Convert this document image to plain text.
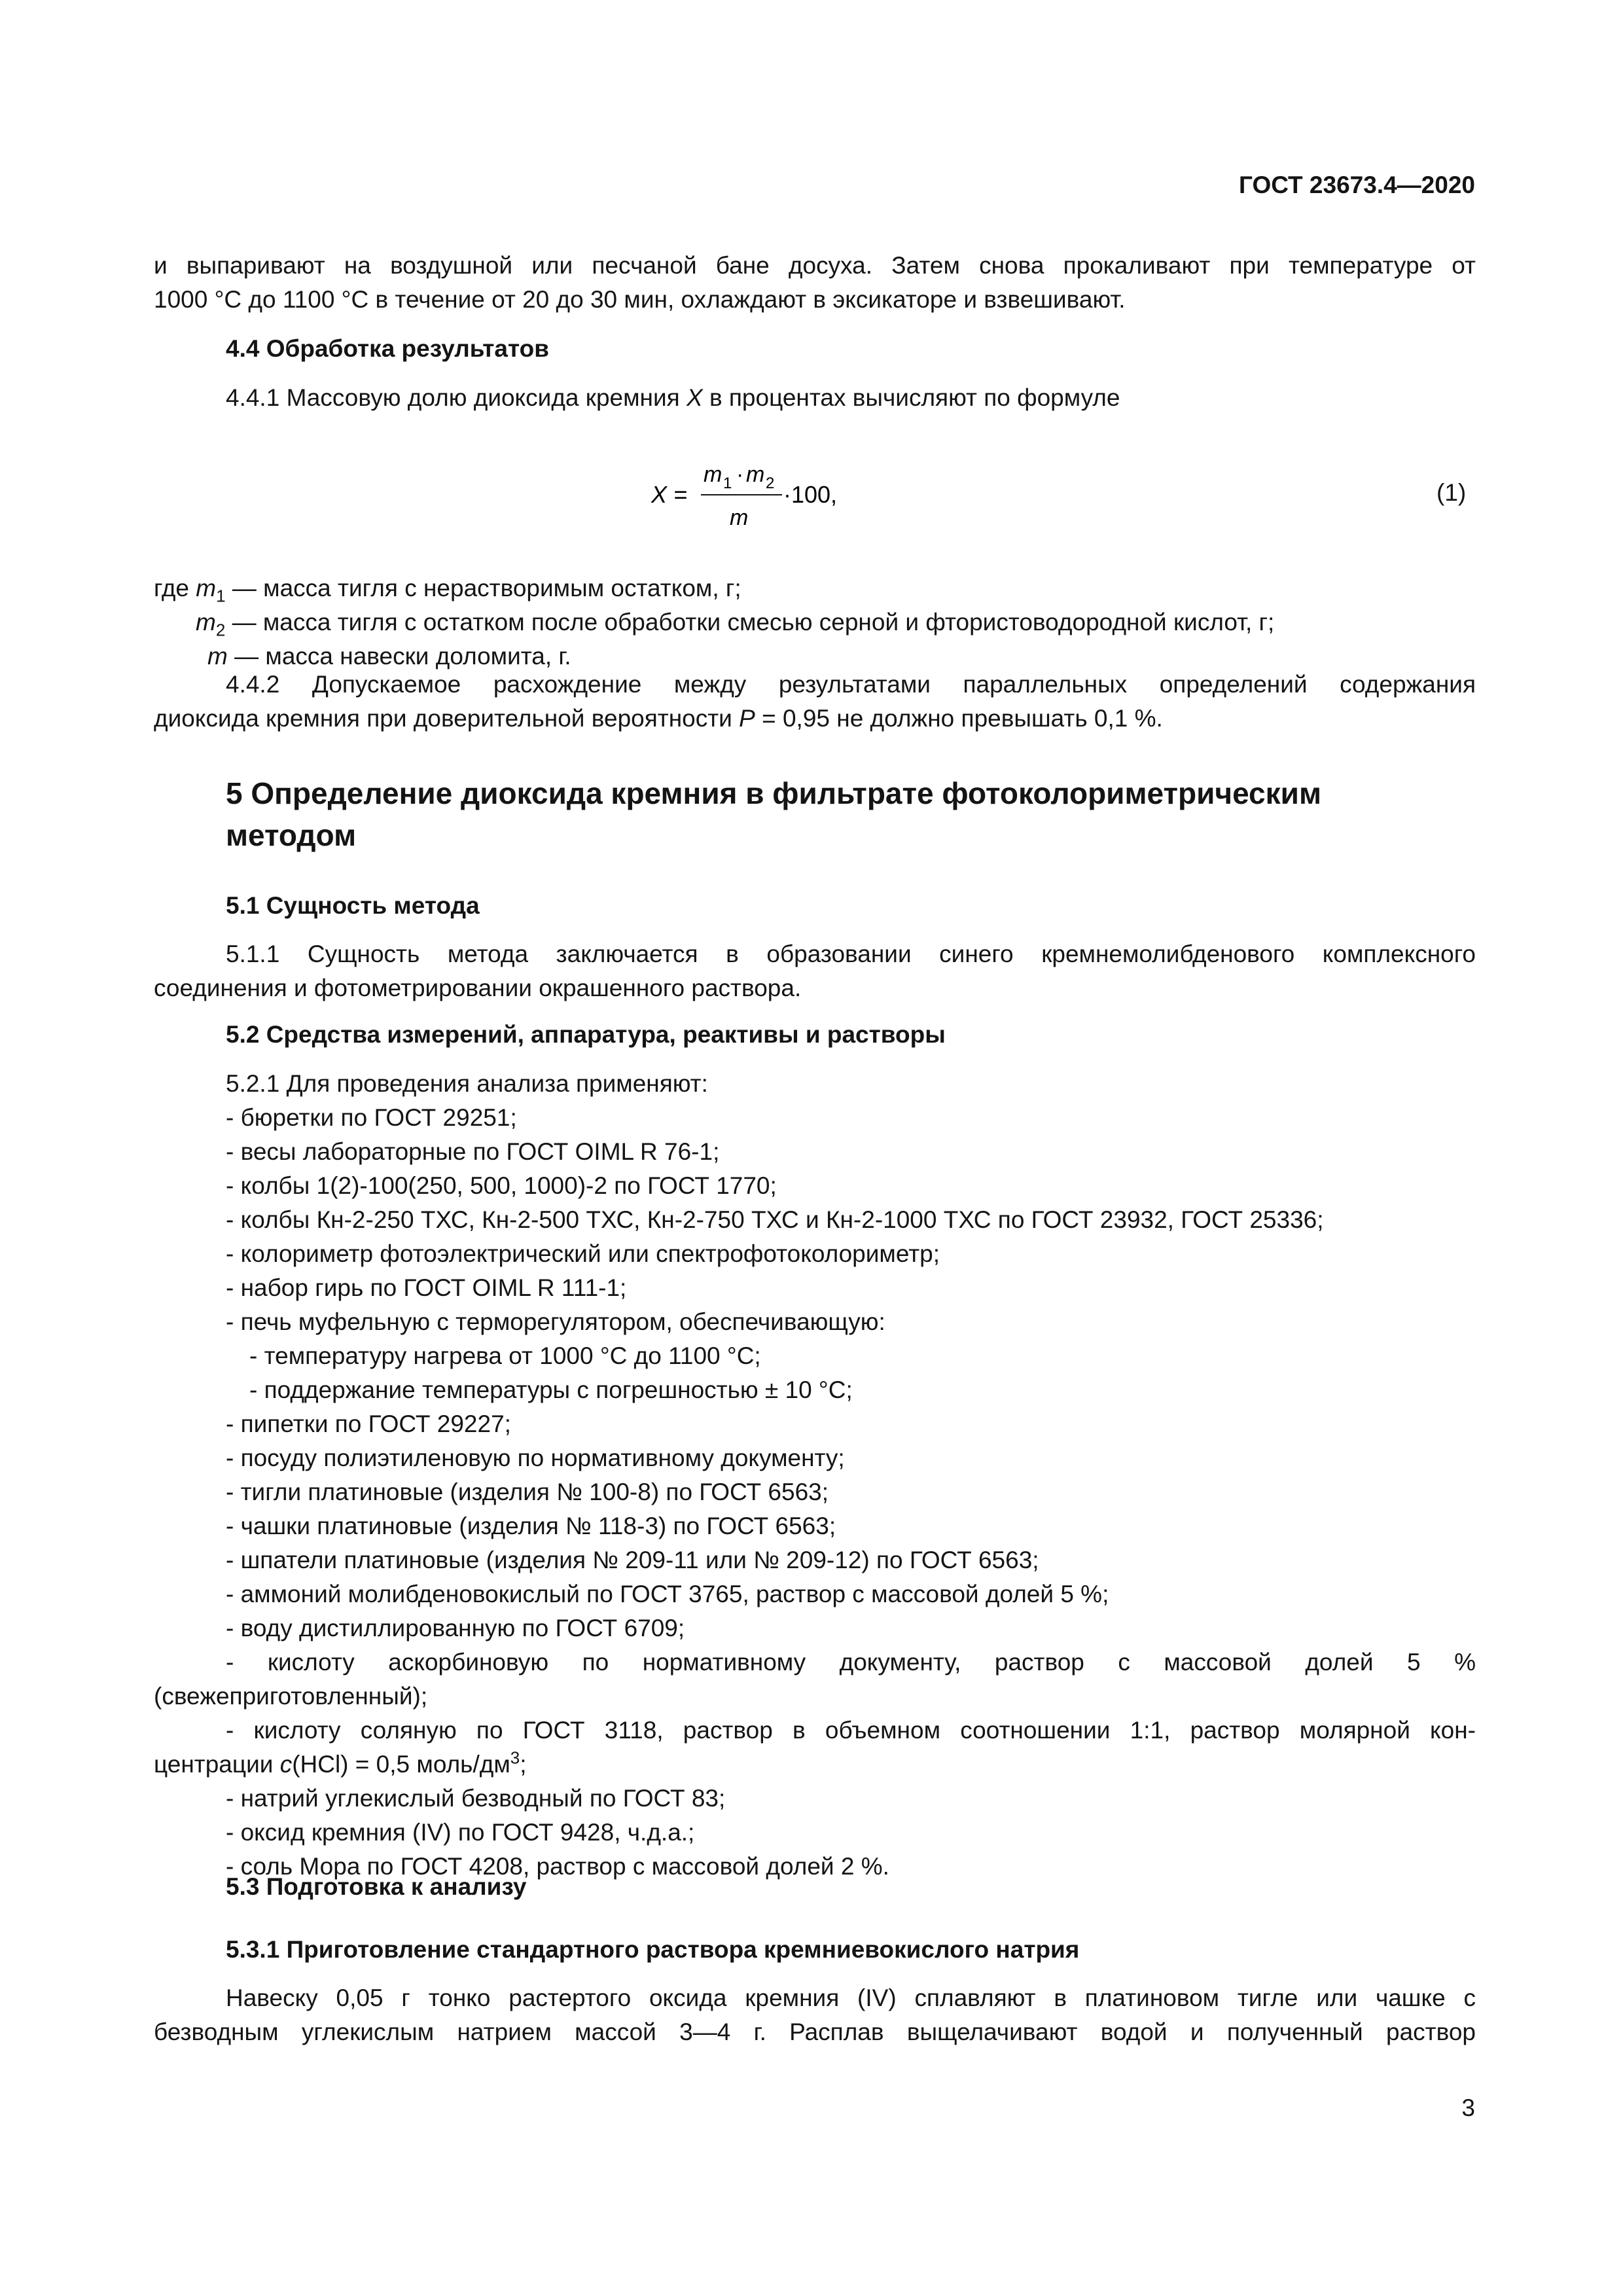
ГОСТ 23673.4—2020
и выпаривают на воздушной или песчаной бане досуха. Затем снова прокаливают при температуре от
1000 °С до 1100 °С в течение от 20 до 30 мин, охлаждают в эксикаторе и взвешивают.
4.4 Обработка результатов
4.4.1 Массовую долю диоксида кремния X в процентах вычисляют по формуле
X =
m 1 · m 2
m
·100,	(1)
где $m_1$ — масса тигля с нерастворимым остатком, г;
$m_2$ — масса тигля с остатком после обработки смесью серной и фтористоводородной кислот, г;
m — масса навески доломита, г.
4.4.2 Допускаемое расхождение между результатами параллельных определений содержания
диоксида кремния при доверительной вероятности P = 0,95 не должно превышать 0,1 %.
5 Определение диоксида кремния в фильтрате фотоколориметрическим
методом
5.1 Сущность метода
5.1.1 Сущность метода заключается в образовании синего кремнемолибденового комплексного
соединения и фотометрировании окрашенного раствора.
5.2 Средства измерений, аппаратура, реактивы и растворы
5.2.1 Для проведения анализа применяют:
- бюретки по ГОСТ 29251;
- весы лабораторные по ГОСТ OIML R 76-1;
- колбы 1(2)-100(250, 500, 1000)-2 по ГОСТ 1770;
- колбы Кн-2-250 ТХС, Кн-2-500 ТХС, Кн-2-750 ТХС и Кн-2-1000 ТХС по ГОСТ 23932, ГОСТ 25336;
- колориметр фотоэлектрический или спектрофотоколориметр;
- набор гирь по ГОСТ OIML R 111-1;
- печь муфельную с терморегулятором, обеспечивающую:
- температуру нагрева от 1000 °С до 1100 °С;
- поддержание температуры с погрешностью ± 10 °С;
- пипетки по ГОСТ 29227;
- посуду полиэтиленовую по нормативному документу;
- тигли платиновые (изделия № 100-8) по ГОСТ 6563;
- чашки платиновые (изделия № 118-3) по ГОСТ 6563;
- шпатели платиновые (изделия № 209-11 или № 209-12) по ГОСТ 6563;
- аммоний молибденовокислый по ГОСТ 3765, раствор с массовой долей 5 %;
- воду дистиллированную по ГОСТ 6709;
- кислоту аскорбиновую по нормативному документу, раствор с массовой долей 5 %
(свежеприготовленный);
- кислоту соляную по ГОСТ 3118, раствор в объемном соотношении 1:1, раствор молярной кон-
центрации c(HCl) = 0,5 моль/$дм^3$;
- натрий углекислый безводный по ГОСТ 83;
- оксид кремния (IV) по ГОСТ 9428, ч.д.а.;
- соль Мора по ГОСТ 4208, раствор с массовой долей 2 %.
5.3 Подготовка к анализу
5.3.1 Приготовление стандартного раствора кремниевокислого натрия
Навеску 0,05 г тонко растертого оксида кремния (IV) сплавляют в платиновом тигле или чашке с
безводным углекислым натрием массой 3—4 г. Расплав выщелачивают водой и полученный раствор
3
